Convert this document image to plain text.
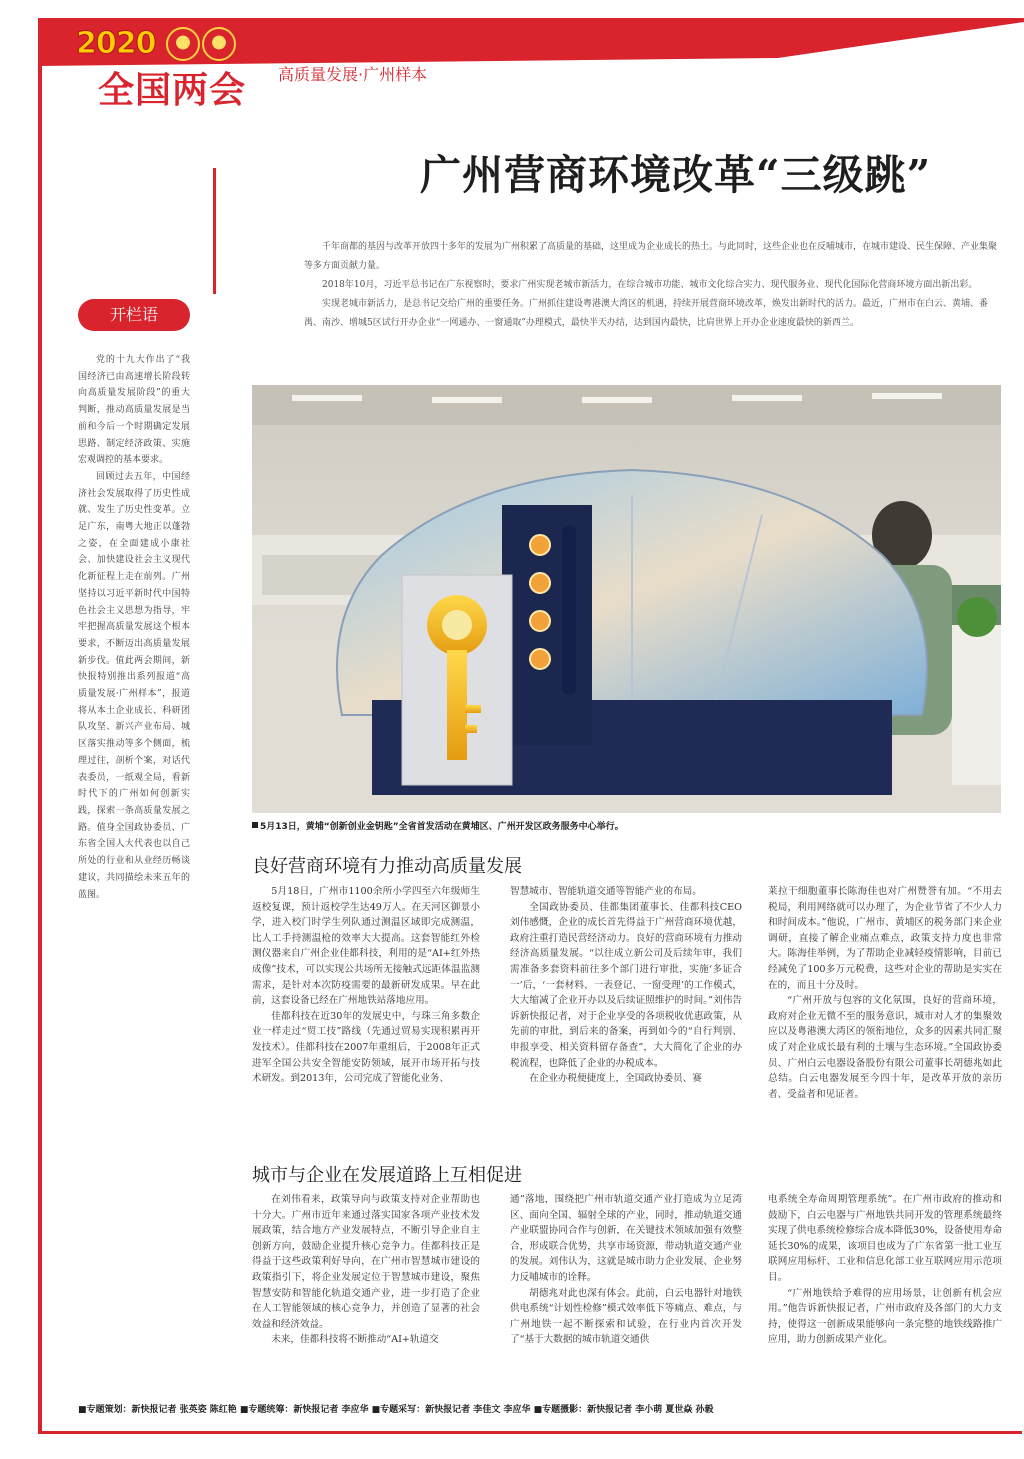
2020
全国两会 高质量发展·广州样本
广州营商环境改革“三级跳”

千年商都的基因与改革开放四十多年的发展为广州积累了高质量的基础，这里成为企业成长的热土。与此同时，这些企业也在反哺城市，在城市建设、民生保障、产业集聚等多方面贡献力量。

2018年10月，习近平总书记在广东视察时，要求广州实现老城市新活力，在综合城市功能、城市文化综合实力、现代服务业、现代化国际化营商环境方面出新出彩。

实现老城市新活力，是总书记交给广州的重要任务。广州抓住建设粤港澳大湾区的机遇，持续开展营商环境改革，焕发出新时代的活力。最近，广州市在白云、黄埔、番禺、南沙、增城5区试行开办企业“一网通办、一窗通取”办理模式，最快半天办结，达到国内最快，比肩世界上开办企业速度最快的新西兰。

开栏语

党的十九大作出了“我国经济已由高速增长阶段转向高质量发展阶段”的重大判断，推动高质量发展是当前和今后一个时期确定发展思路、制定经济政策、实施宏观调控的基本要求。

回顾过去五年，中国经济社会发展取得了历史性成就、发生了历史性变革。立足广东，南粤大地正以蓬勃之姿，在全面建成小康社会、加快建设社会主义现代化新征程上走在前列。广州坚持以习近平新时代中国特色社会主义思想为指导，牢牢把握高质量发展这个根本要求，不断迈出高质量发展新步伐。值此两会期间，新快报特别推出系列报道“高质量发展·广州样本”，报道将从本土企业成长、科研团队攻坚、新兴产业布局、城区落实推动等多个侧面，梳理过往，剖析个案，对话代表委员，一纸观全局，看新时代下的广州如何创新实践，探索一条高质量发展之路。值身全国政协委员、广东省全国人大代表也以自己所处的行业和从业经历畅谈建议，共同描绘未来五年的蓝图。

5月13日，黄埔“创新创业金钥匙”全省首发活动在黄埔区、广州开发区政务服务中心举行。
良好营商环境有力推动高质量发展

5月18日，广州市1100余所小学四至六年级师生返校复课，预计返校学生达49万人。在天河区御景小学，进入校门时学生列队通过测温区域即完成测温，比人工手持测温枪的效率大大提高。这套智能红外检测仪器来自广州企业佳都科技，利用的是“AI+红外热成像”技术，可以实现公共场所无接触式远距体温监测需求，是针对本次防疫需要的最新研发成果。早在此前，这套设备已经在广州地铁站落地应用。

佳都科技在近30年的发展史中，与珠三角多数企业一样走过“贸工技”路线（先通过贸易实现积累再开发技术）。佳都科技在2007年重组后，于2008年正式进军全国公共安全智能安防领域，展开市场开拓与技术研发。到2013年，公司完成了智能化业务、

智慧城市、智能轨道交通等智能产业的布局。

全国政协委员、佳都集团董事长、佳都科技CEO刘伟感慨，企业的成长首先得益于广州营商环境优越，政府注重打造民营经济动力。良好的营商环境有力推动经济高质量发展。“以往成立新公司及后续年审，我们需准备多套资料前往多个部门进行审批，实施‘多证合一’后，‘一套材料、一表登记、一窗受理’的工作模式，大大缩减了企业开办以及后续证照维护的时间。”刘伟告诉新快报记者，对于企业享受的各项税收优惠政策，从先前的审批，到后来的备案，再到如今的“自行判别、申报享受、相关资料留存备查”，大大简化了企业的办税流程，也降低了企业的办税成本。

在企业办税便捷度上，全国政协委员、赛

莱拉干细胞董事长陈海佳也对广州赞誉有加。“不用去税局，利用网络就可以办理了，为企业节省了不少人力和时间成本。”他说，广州市、黄埔区的税务部门来企业调研，直接了解企业痛点难点，政策支持力度也非常大。陈海佳举例，为了帮助企业减轻疫情影响，目前已经减免了100多万元税费，这些对企业的帮助是实实在在的，而且十分及时。

“广州开放与包容的文化氛围，良好的营商环境，政府对企业无微不至的服务意识，城市对人才的集聚效应以及粤港澳大湾区的领衔地位，众多的因素共同汇聚成了对企业成长最有利的土壤与生态环境。”全国政协委员、广州白云电器设备股份有限公司董事长胡德兆如此总结。白云电器发展至今四十年，是改革开放的亲历者、受益者和见证者。

城市与企业在发展道路上互相促进

在刘伟看来，政策导向与政策支持对企业帮助也十分大。广州市近年来通过落实国家各项产业技术发展政策，结合地方产业发展特点，不断引导企业自主创新方向，鼓励企业提升核心竞争力。佳都科技正是得益于这些政策利好导向，在广州市智慧城市建设的政策指引下，将企业发展定位于智慧城市建设，聚焦智慧安防和智能化轨道交通产业，进一步打造了企业在人工智能领域的核心竞争力，并创造了显著的社会效益和经济效益。

未来，佳都科技将不断推动“AI+轨道交

通”落地，围绕把广州市轨道交通产业打造成为立足湾区、面向全国、辐射全球的产业，同时，推动轨道交通产业联盟协同合作与创新，在关键技术领域加强有效整合，形成联合优势，共享市场资源，带动轨道交通产业的发展。刘伟认为，这就是城市助力企业发展、企业努力反哺城市的诠释。

胡德兆对此也深有体会。此前，白云电器针对地铁供电系统“计划性检修”模式效率低下等痛点、难点，与广州地铁一起不断探索和试验，在行业内首次开发了“基于大数据的城市轨道交通供

电系统全寿命周期管理系统”。在广州市政府的推动和鼓励下，白云电器与广州地铁共同开发的管理系统最终实现了供电系统检修综合成本降低30%，设备使用寿命延长30%的成果，该项目也成为了广东省第一批工业互联网应用标杆、工业和信息化部工业互联网应用示范项目。

“广州地铁给予难得的应用场景，让创新有机会应用。”他告诉新快报记者，广州市政府及各部门的大力支持，使得这一创新成果能够向一条完整的地铁线路推广应用，助力创新成果产业化。

■专题策划：新快报记者 张英姿 陈红艳 ■专题统筹：新快报记者 李应华 ■专题采写：新快报记者 李佳文 李应华 ■专题摄影：新快报记者 李小萌 夏世焱 孙毅
